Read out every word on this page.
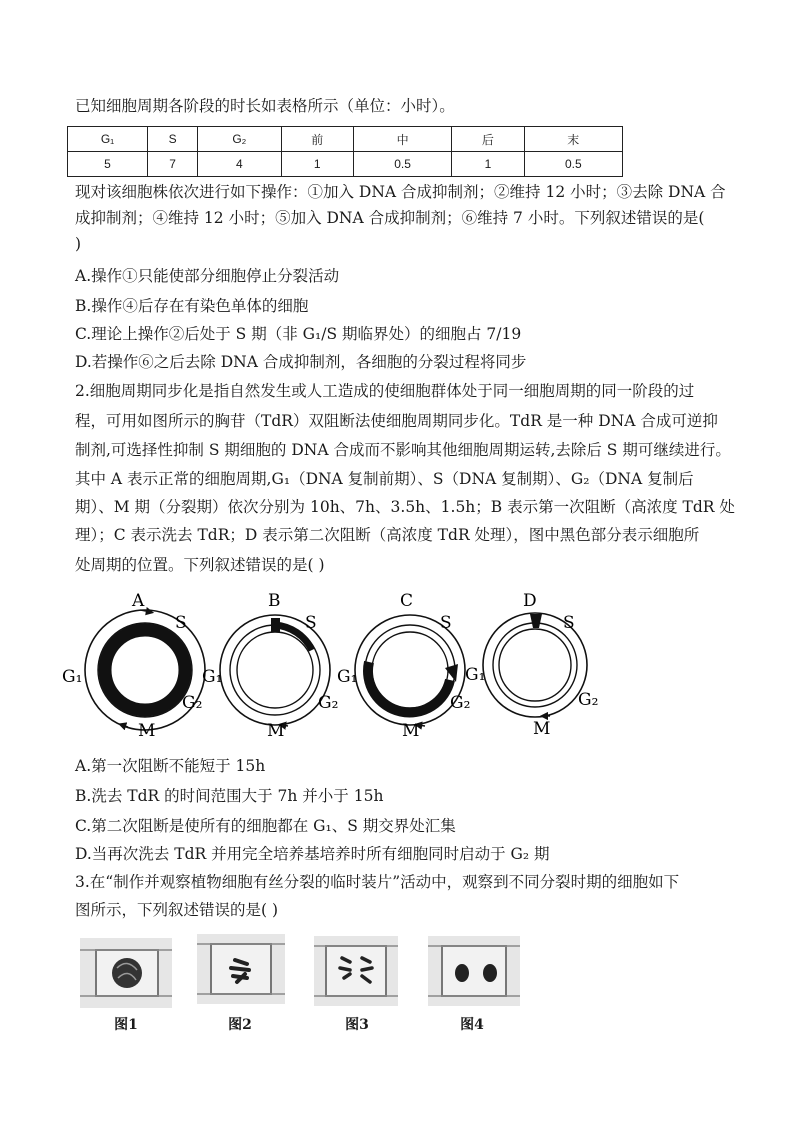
已知细胞周期各阶段的时长如表格所示（单位：小时）。
G₁	S	G₂	前	中	后	末
5	7	4	1	0.5	1	0.5
现对该细胞株依次进行如下操作：①加入 DNA 合成抑制剂；②维持 12 小时；③去除 DNA 合
成抑制剂；④维持 12 小时；⑤加入 DNA 合成抑制剂；⑥维持 7 小时。下列叙述错误的是(
)
A.操作①只能使部分细胞停止分裂活动
B.操作④后存在有染色单体的细胞
C.理论上操作②后处于 S 期（非 G₁/S 期临界处）的细胞占 7/19
D.若操作⑥之后去除 DNA 合成抑制剂，各细胞的分裂过程将同步
2.细胞周期同步化是指自然发生或人工造成的使细胞群体处于同一细胞周期的同一阶段的过
程，可用如图所示的胸苷（TdR）双阻断法使细胞周期同步化。TdR 是一种 DNA 合成可逆抑
制剂,可选择性抑制 S 期细胞的 DNA 合成而不影响其他细胞周期运转,去除后 S 期可继续进行。
其中 A 表示正常的细胞周期,G₁（DNA 复制前期）、S（DNA 复制期）、G₂（DNA 复制后
期）、M 期（分裂期）依次分别为 10h、7h、3.5h、1.5h；B 表示第一次阻断（高浓度 TdR 处
理）；C 表示洗去 TdR；D 表示第二次阻断（高浓度 TdR 处理），图中黑色部分表示细胞所
处周期的位置。下列叙述错误的是( )
A
S
G₁
G₂
M
B
S
G₁
G₂
M
C
S
G₁
G₂
M
D
S
G₁
G₂
M
A.第一次阻断不能短于 15h
B.洗去 TdR 的时间范围大于 7h 并小于 15h
C.第二次阻断是使所有的细胞都在 G₁、S 期交界处汇集
D.当再次洗去 TdR 并用完全培养基培养时所有细胞同时启动于 G₂ 期
3.在“制作并观察植物细胞有丝分裂的临时装片”活动中，观察到不同分裂时期的细胞如下
图所示，下列叙述错误的是( )
图1	图2	图3	图4
